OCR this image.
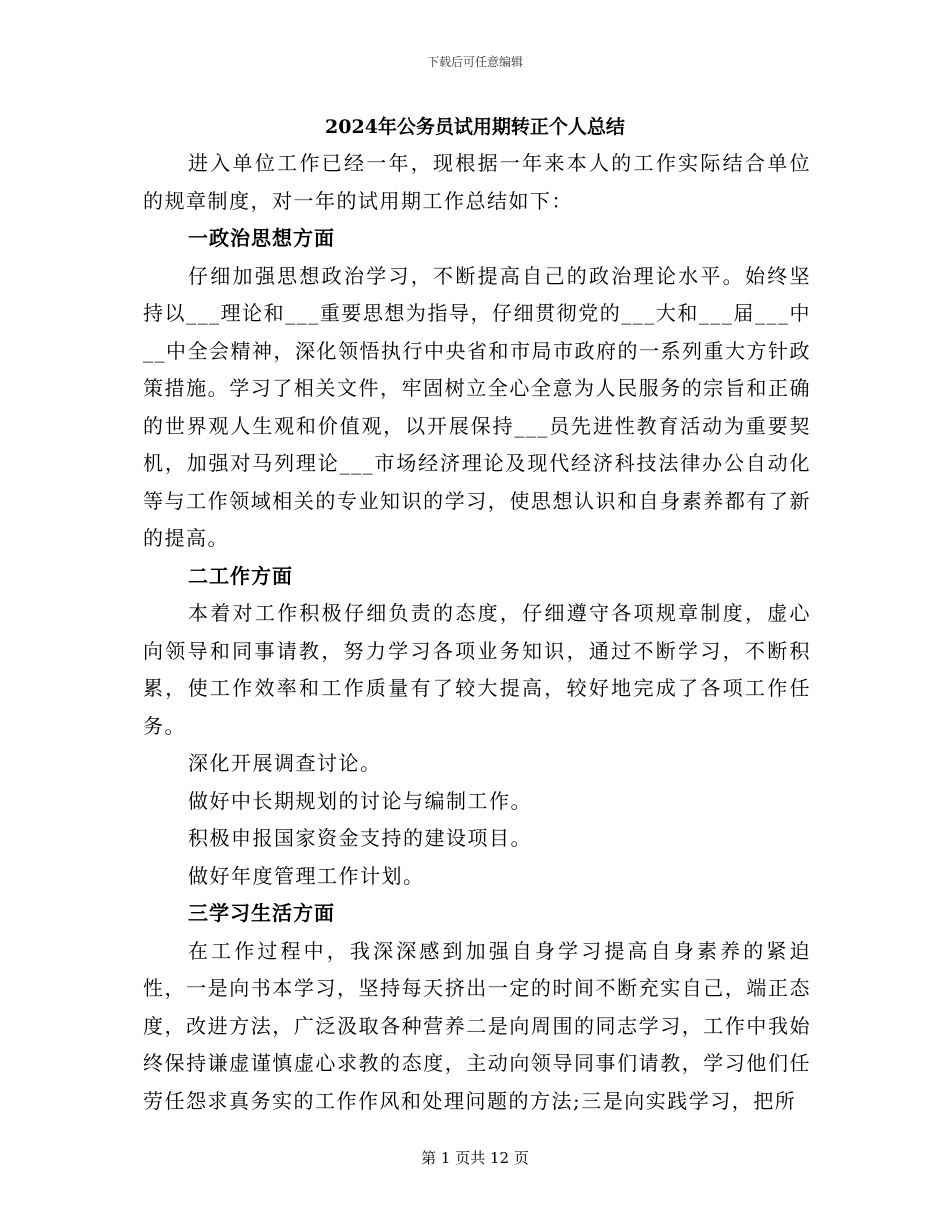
下载后可任意编辑
2024年公务员试用期转正个人总结

进入单位工作已经一年，现根据一年来本人的工作实际结合单位的规章制度，对一年的试用期工作总结如下：

一政治思想方面

仔细加强思想政治学习，不断提高自己的政治理论水平。始终坚持以___理论和___重要思想为指导，仔细贯彻党的___大和___届___中__中全会精神，深化领悟执行中央省和市局市政府的一系列重大方针政策措施。学习了相关文件，牢固树立全心全意为人民服务的宗旨和正确的世界观人生观和价值观，以开展保持___员先进性教育活动为重要契机，加强对马列理论___市场经济理论及现代经济科技法律办公自动化等与工作领域相关的专业知识的学习，使思想认识和自身素养都有了新的提高。

二工作方面

本着对工作积极仔细负责的态度，仔细遵守各项规章制度，虚心向领导和同事请教，努力学习各项业务知识，通过不断学习，不断积累，使工作效率和工作质量有了较大提高，较好地完成了各项工作任务。

深化开展调查讨论。

做好中长期规划的讨论与编制工作。

积极申报国家资金支持的建设项目。

做好年度管理工作计划。

三学习生活方面

在工作过程中，我深深感到加强自身学习提高自身素养的紧迫性，一是向书本学习，坚持每天挤出一定的时间不断充实自己，端正态度，改进方法，广泛汲取各种营养二是向周围的同志学习，工作中我始终保持谦虚谨慎虚心求教的态度，主动向领导同事们请教，学习他们任劳任怨求真务实的工作作风和处理问题的方法;三是向实践学习，把所

第 1 页共 12 页
